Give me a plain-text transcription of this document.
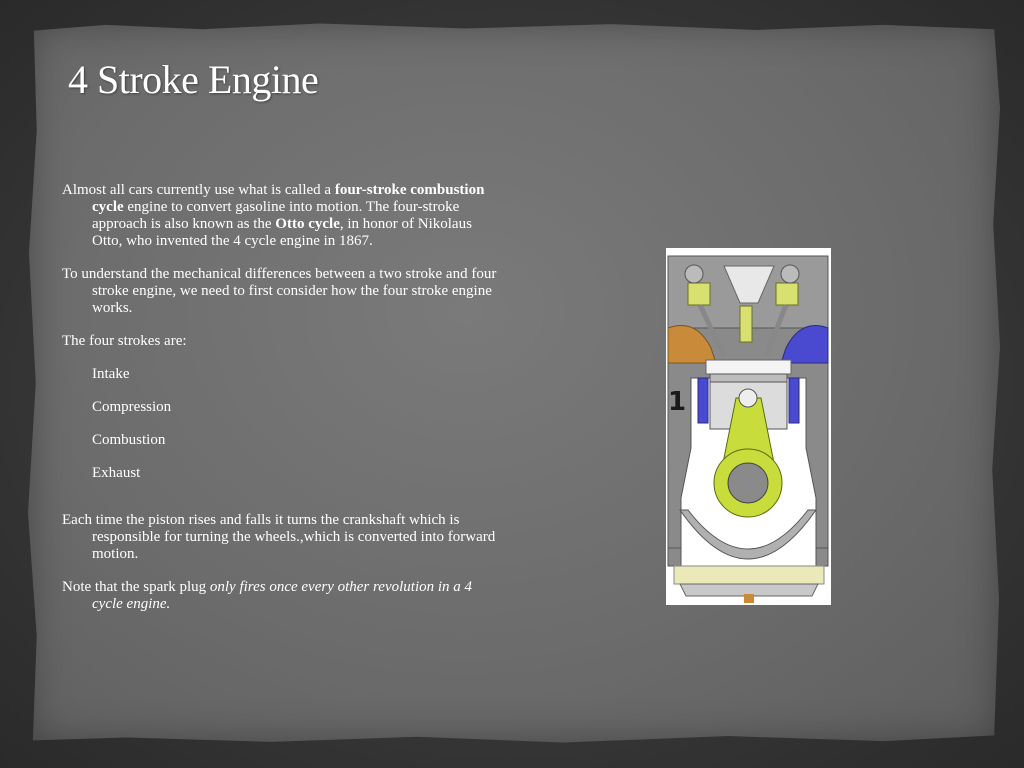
4 Stroke Engine

Almost all cars currently use what is called a four-stroke combustion cycle engine to convert gasoline into motion. The four-stroke approach is also known as the Otto cycle, in honor of Nikolaus Otto, who invented the 4 cycle engine in 1867.

To understand the mechanical differences between a two stroke and four stroke engine, we need to first consider how the four stroke engine works.

The four strokes are:

Intake

Compression

Combustion

Exhaust

Each time the piston rises and falls it turns the crankshaft which is responsible for turning the wheels.,which is converted into forward motion.

Note that the spark plug only fires once every other revolution in a 4 cycle engine.

1
